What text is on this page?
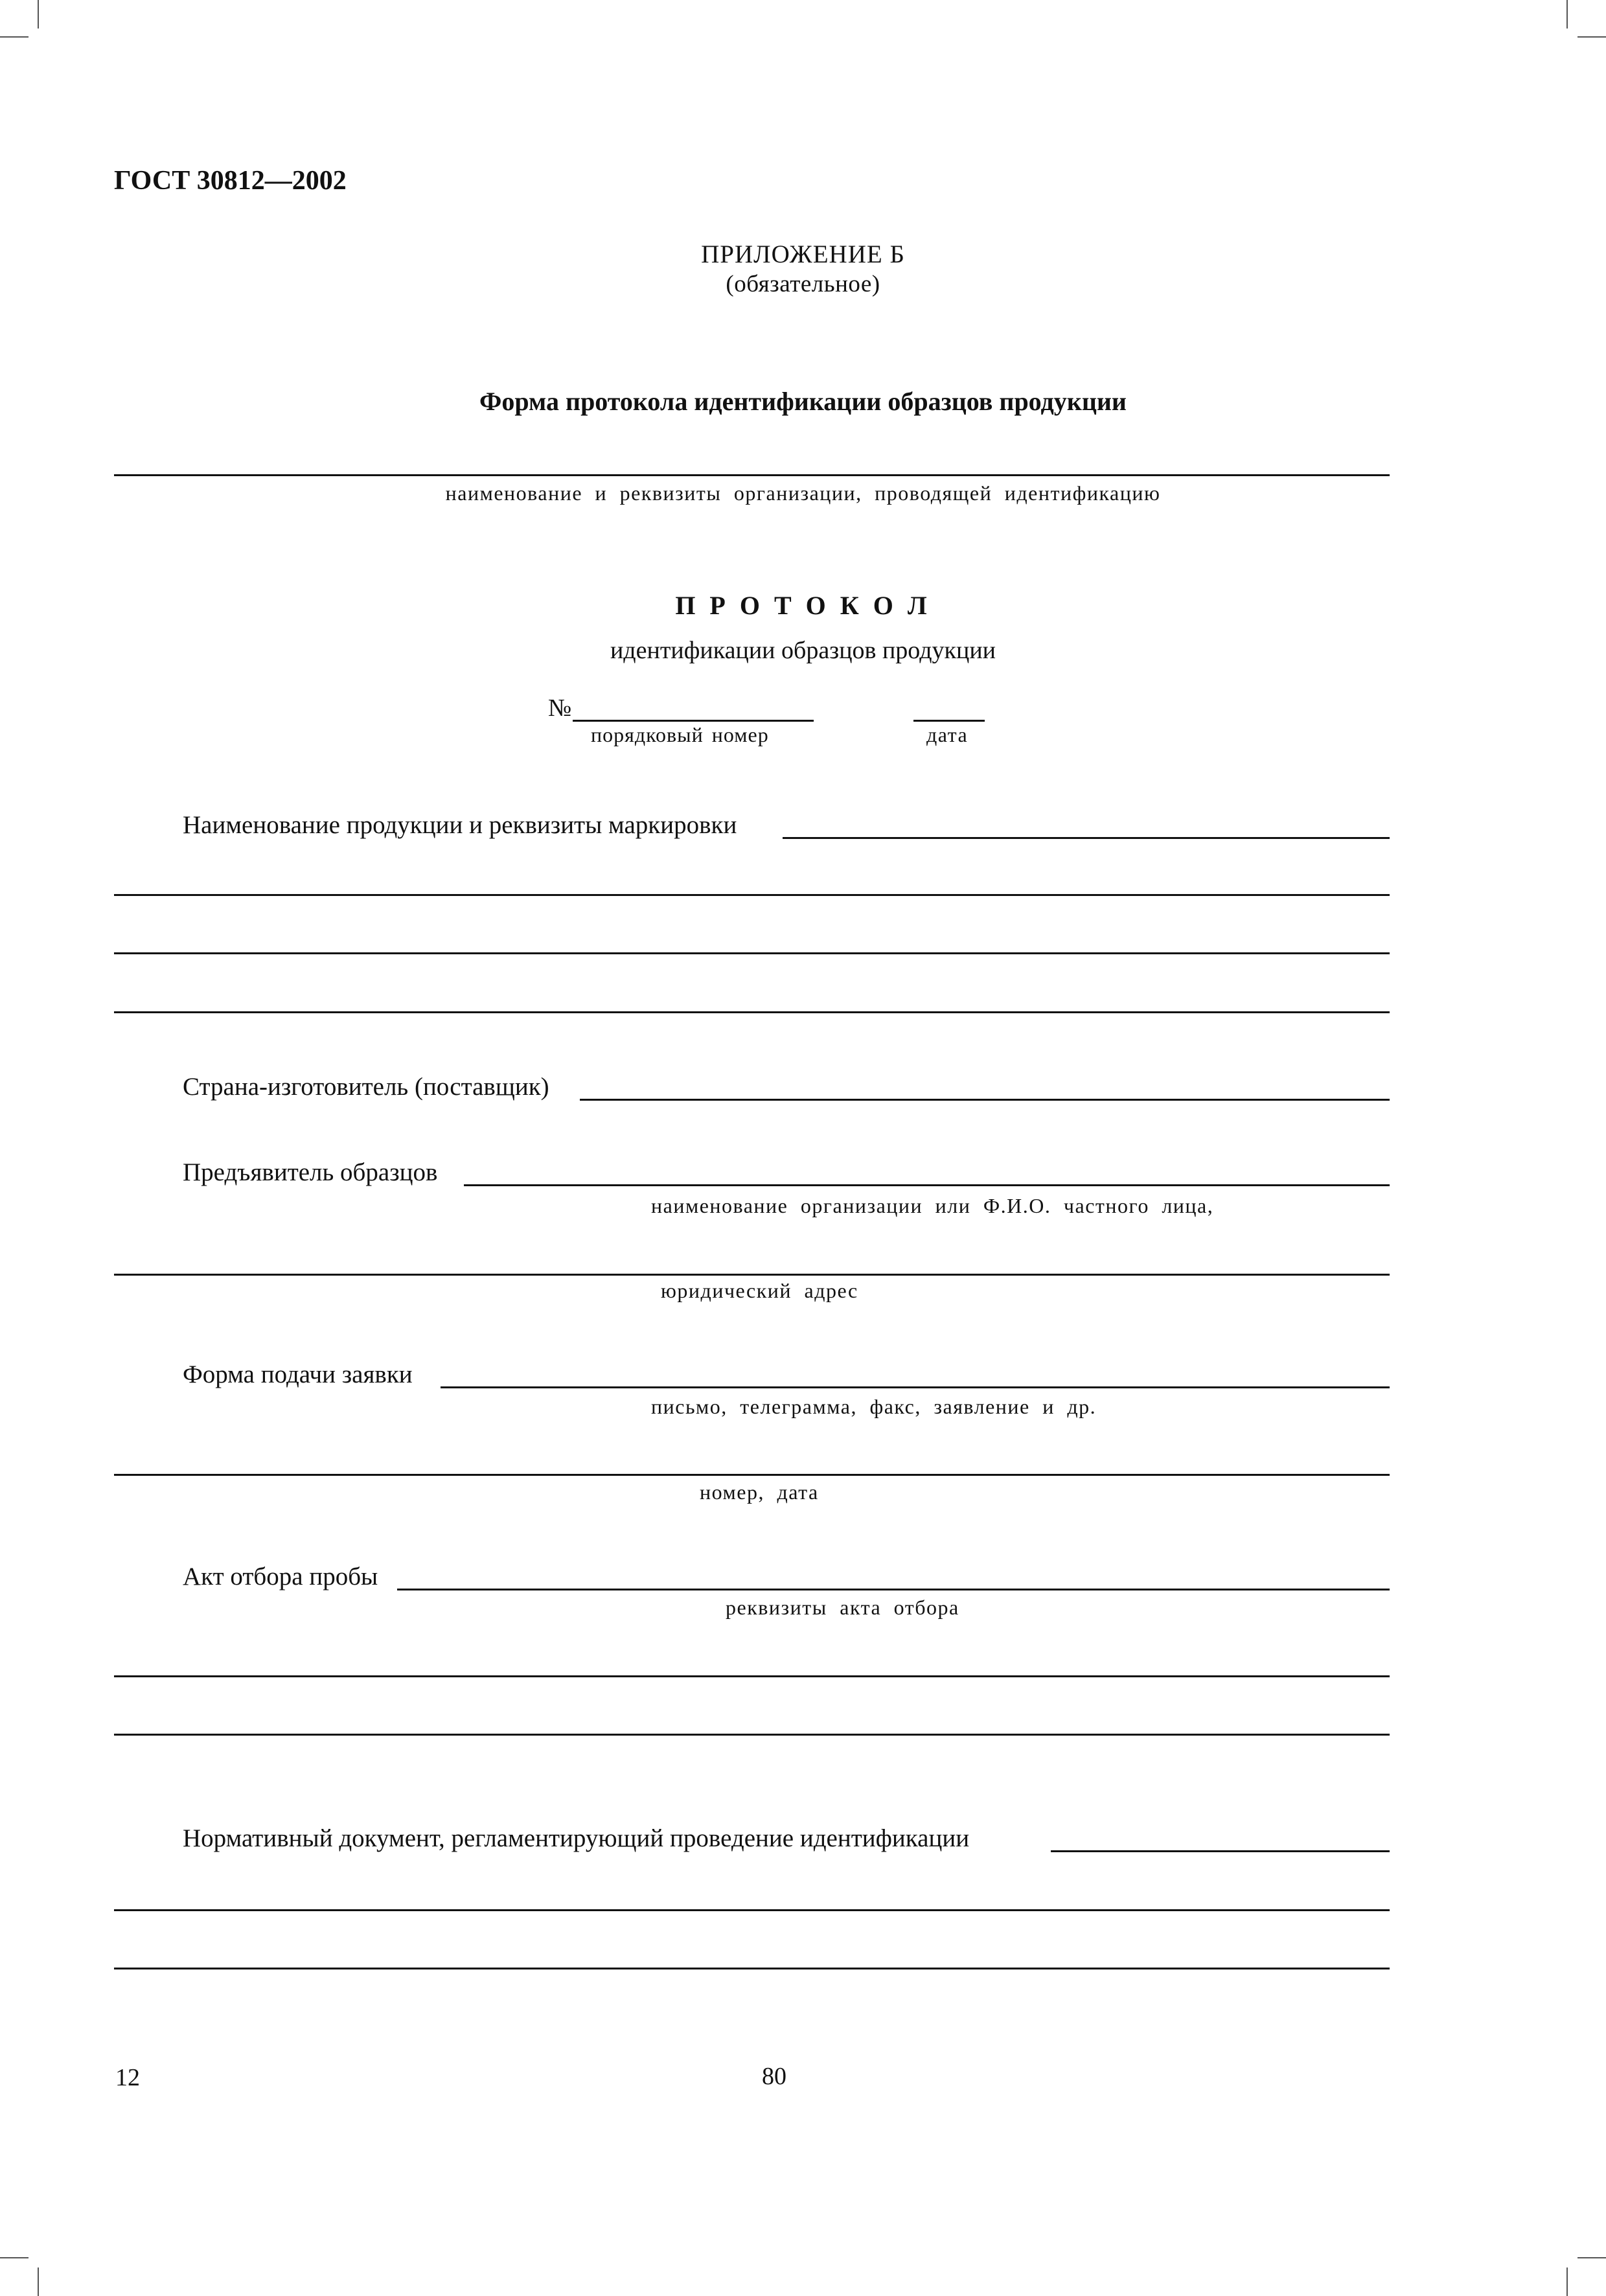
ГОСТ 30812—2002
ПРИЛОЖЕНИЕ Б
(обязательное)
Форма протокола идентификации образцов продукции
наименование и реквизиты организации, проводящей идентификацию
П Р О Т О К О Л
идентификации образцов продукции
№
порядковый номер	дата
Наименование продукции и реквизиты маркировки
Страна-изготовитель (поставщик)
Предъявитель образцов
наименование организации или Ф.И.О. частного лица,
юридический адрес
Форма подачи заявки
письмо, телеграмма, факс, заявление и др.
номер, дата
Акт отбора пробы
реквизиты акта отбора
Нормативный документ, регламентирующий проведение идентификации
12	80
